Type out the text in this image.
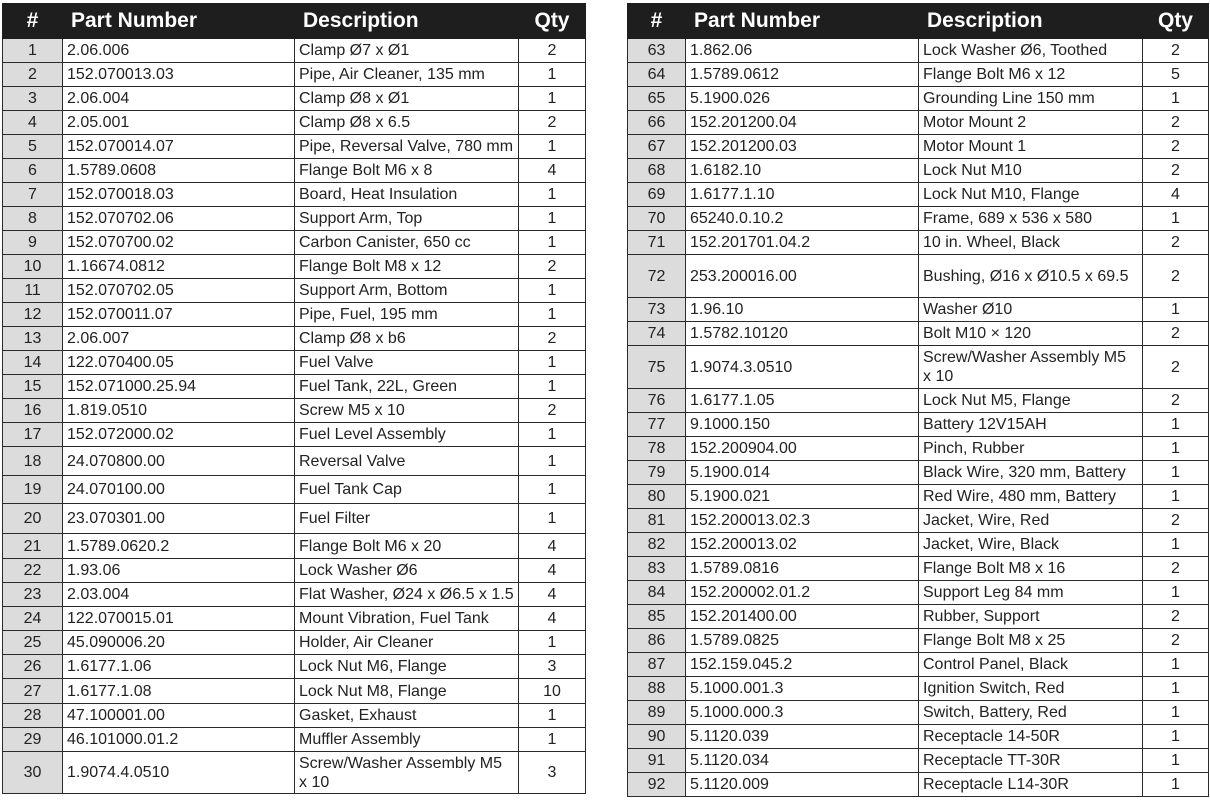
#	Part Number	Description	Qty
1	2.06.006	Clamp Ø7 x Ø1	2
2	152.070013.03	Pipe, Air Cleaner, 135 mm	1
3	2.06.004	Clamp Ø8 x Ø1	1
4	2.05.001	Clamp Ø8 x 6.5	2
5	152.070014.07	Pipe, Reversal Valve, 780 mm	1
6	1.5789.0608	Flange Bolt M6 x 8	4
7	152.070018.03	Board, Heat Insulation	1
8	152.070702.06	Support Arm, Top	1
9	152.070700.02	Carbon Canister, 650 cc	1
10	1.16674.0812	Flange Bolt M8 x 12	2
11	152.070702.05	Support Arm, Bottom	1
12	152.070011.07	Pipe, Fuel, 195 mm	1
13	2.06.007	Clamp Ø8 x b6	2
14	122.070400.05	Fuel Valve	1
15	152.071000.25.94	Fuel Tank, 22L, Green	1
16	1.819.0510	Screw M5 x 10	2
17	152.072000.02	Fuel Level Assembly	1
18	24.070800.00	Reversal Valve	1
19	24.070100.00	Fuel Tank Cap	1
20	23.070301.00	Fuel Filter	1
21	1.5789.0620.2	Flange Bolt M6 x 20	4
22	1.93.06	Lock Washer Ø6	4
23	2.03.004	Flat Washer, Ø24 x Ø6.5 x 1.5	4
24	122.070015.01	Mount Vibration, Fuel Tank	4
25	45.090006.20	Holder, Air Cleaner	1
26	1.6177.1.06	Lock Nut M6, Flange	3
27	1.6177.1.08	Lock Nut M8, Flange	10
28	47.100001.00	Gasket, Exhaust	1
29	46.101000.01.2	Muffler Assembly	1
30	1.9074.4.0510	Screw/Washer Assembly M5 x 10	3
#	Part Number	Description	Qty
63	1.862.06	Lock Washer Ø6, Toothed	2
64	1.5789.0612	Flange Bolt M6 x 12	5
65	5.1900.026	Grounding Line 150 mm	1
66	152.201200.04	Motor Mount 2	2
67	152.201200.03	Motor Mount 1	2
68	1.6182.10	Lock Nut M10	2
69	1.6177.1.10	Lock Nut M10, Flange	4
70	65240.0.10.2	Frame, 689 x 536 x 580	1
71	152.201701.04.2	10 in. Wheel, Black	2
72	253.200016.00	Bushing, Ø16 x Ø10.5 x 69.5	2
73	1.96.10	Washer Ø10	1
74	1.5782.10120	Bolt M10 × 120	2
75	1.9074.3.0510	Screw/Washer Assembly M5 x 10	2
76	1.6177.1.05	Lock Nut M5, Flange	2
77	9.1000.150	Battery 12V15AH	1
78	152.200904.00	Pinch, Rubber	1
79	5.1900.014	Black Wire, 320 mm, Battery	1
80	5.1900.021	Red Wire, 480 mm, Battery	1
81	152.200013.02.3	Jacket, Wire, Red	2
82	152.200013.02	Jacket, Wire, Black	1
83	1.5789.0816	Flange Bolt M8 x 16	2
84	152.200002.01.2	Support Leg 84 mm	1
85	152.201400.00	Rubber, Support	2
86	1.5789.0825	Flange Bolt M8 x 25	2
87	152.159.045.2	Control Panel, Black	1
88	5.1000.001.3	Ignition Switch, Red	1
89	5.1000.000.3	Switch, Battery, Red	1
90	5.1120.039	Receptacle 14-50R	1
91	5.1120.034	Receptacle TT-30R	1
92	5.1120.009	Receptacle L14-30R	1
